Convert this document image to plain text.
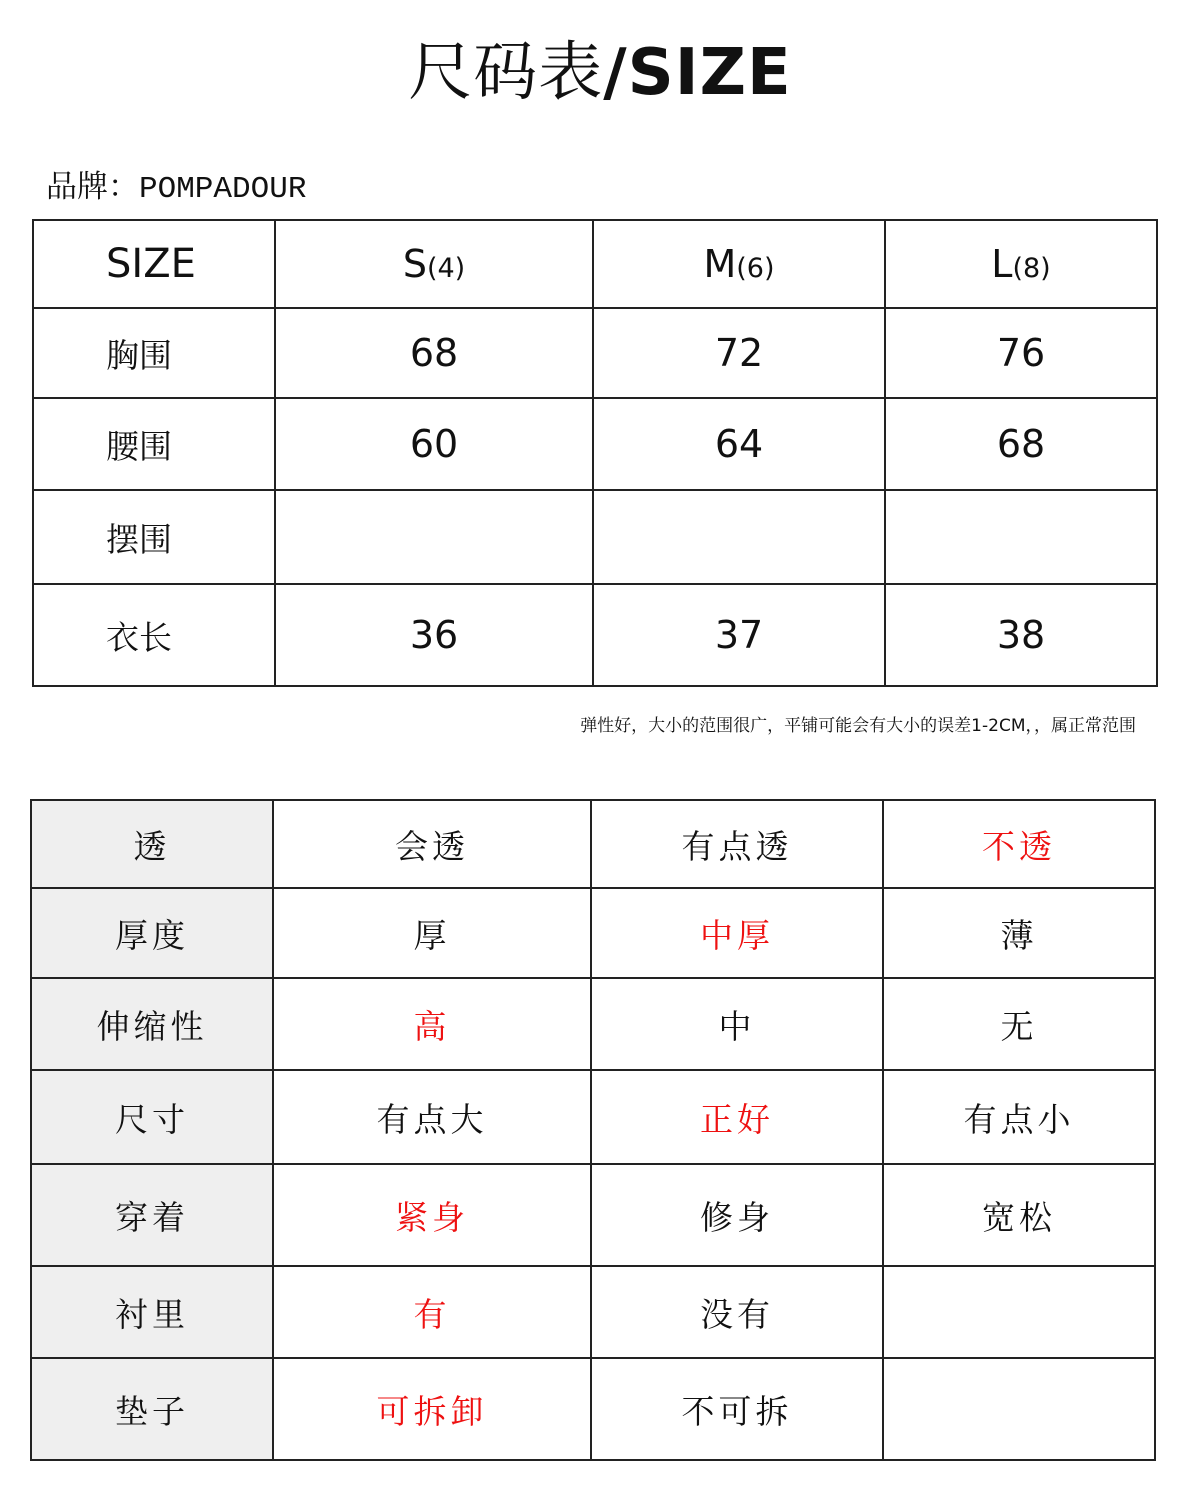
尺码表/SIZE
品牌：POMPADOUR
SIZE	S(4)	M(6)	L(8)
胸围	68	72	76
腰围	60	64	68
摆围			
衣长	36	37	38
弹性好，大小的范围很广，平铺可能会有大小的误差1-2CM，，属正常范围
透	会透	有点透	不透
厚度	厚	中厚	薄
伸缩性	高	中	无
尺寸	有点大	正好	有点小
穿着	紧身	修身	宽松
衬里	有	没有	
垫子	可拆卸	不可拆	
